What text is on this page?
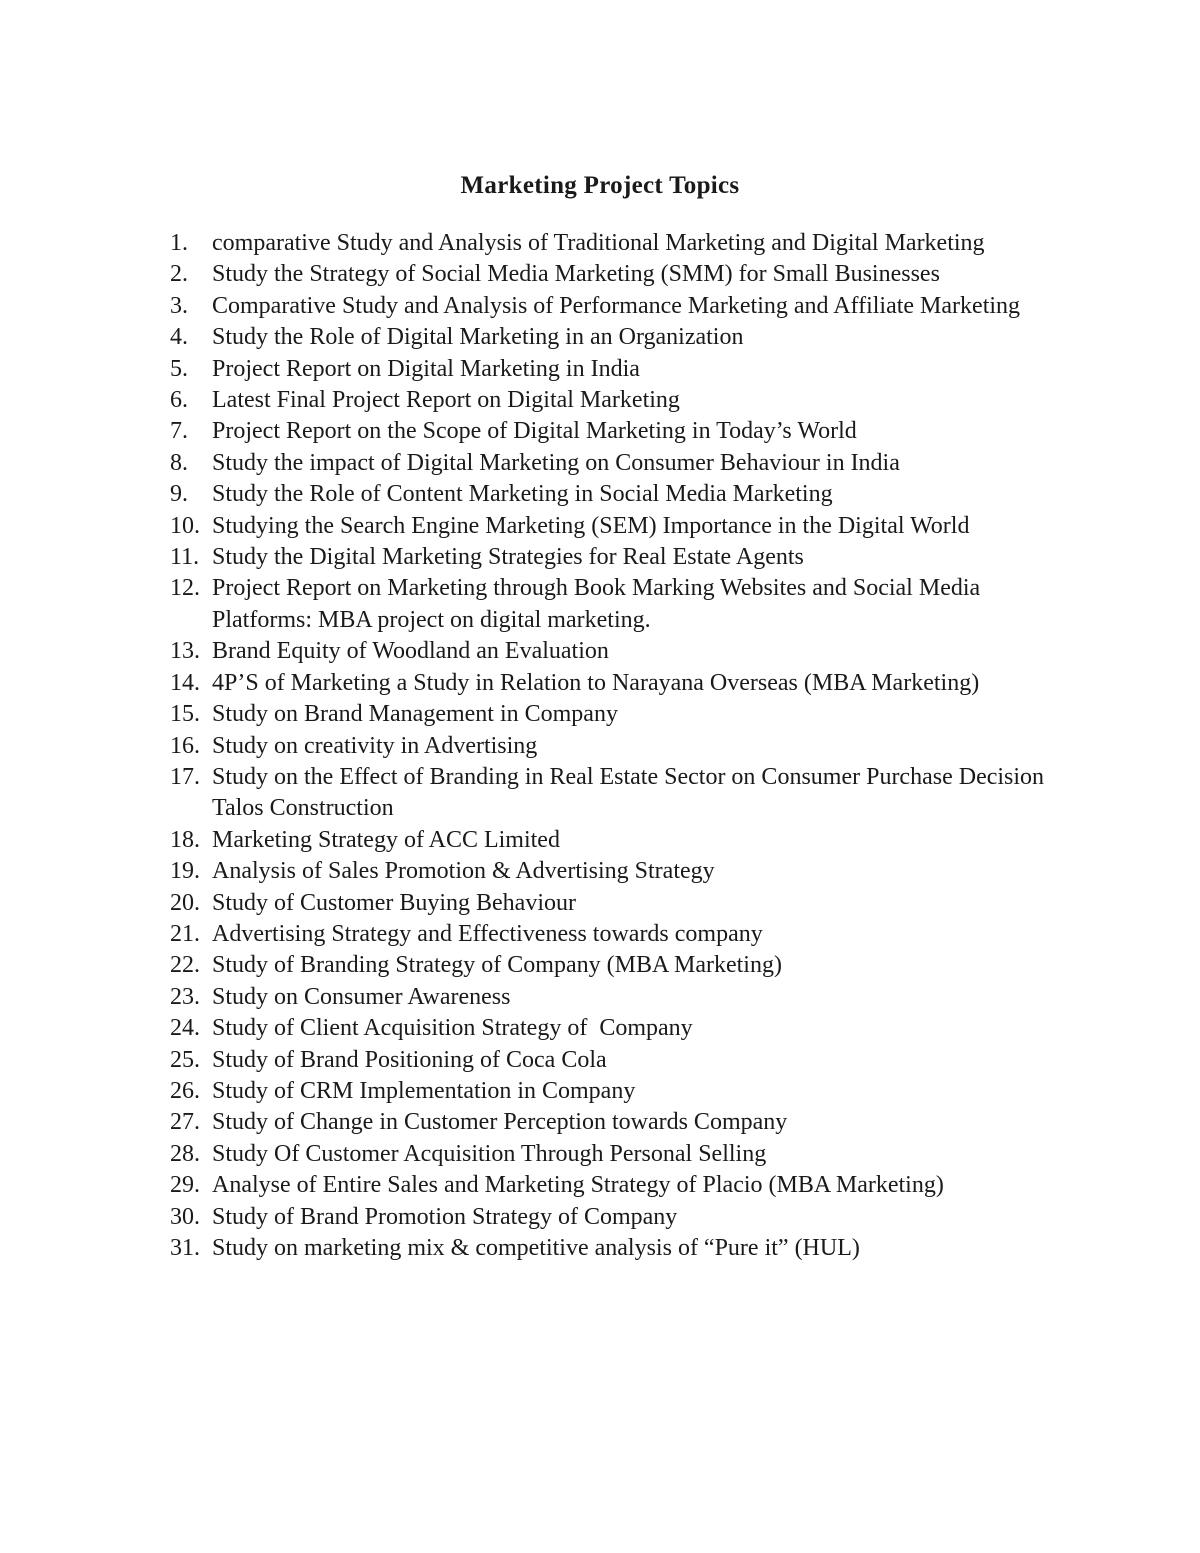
Marketing Project Topics
1.	comparative Study and Analysis of Traditional Marketing and Digital Marketing
2.	Study the Strategy of Social Media Marketing (SMM) for Small Businesses
3.	Comparative Study and Analysis of Performance Marketing and Affiliate Marketing
4.	Study the Role of Digital Marketing in an Organization
5.	Project Report on Digital Marketing in India
6.	Latest Final Project Report on Digital Marketing
7.	Project Report on the Scope of Digital Marketing in Today’s World
8.	Study the impact of Digital Marketing on Consumer Behaviour in India
9.	Study the Role of Content Marketing in Social Media Marketing
10. Studying the Search Engine Marketing (SEM) Importance in the Digital World
11. Study the Digital Marketing Strategies for Real Estate Agents
12. Project Report on Marketing through Book Marking Websites and Social Media Platforms: MBA project on digital marketing.
13. Brand Equity of Woodland an Evaluation
14. 4P’S of Marketing a Study in Relation to Narayana Overseas (MBA Marketing)
15. Study on Brand Management in Company
16. Study on creativity in Advertising
17. Study on the Effect of Branding in Real Estate Sector on Consumer Purchase Decision Talos Construction
18. Marketing Strategy of ACC Limited
19. Analysis of Sales Promotion & Advertising Strategy
20. Study of Customer Buying Behaviour
21. Advertising Strategy and Effectiveness towards company
22. Study of Branding Strategy of Company (MBA Marketing)
23. Study on Consumer Awareness
24. Study of Client Acquisition Strategy of  Company
25. Study of Brand Positioning of Coca Cola
26. Study of CRM Implementation in Company
27. Study of Change in Customer Perception towards Company
28. Study Of Customer Acquisition Through Personal Selling
29. Analyse of Entire Sales and Marketing Strategy of Placio (MBA Marketing)
30. Study of Brand Promotion Strategy of Company
31. Study on marketing mix & competitive analysis of “Pure it” (HUL)
